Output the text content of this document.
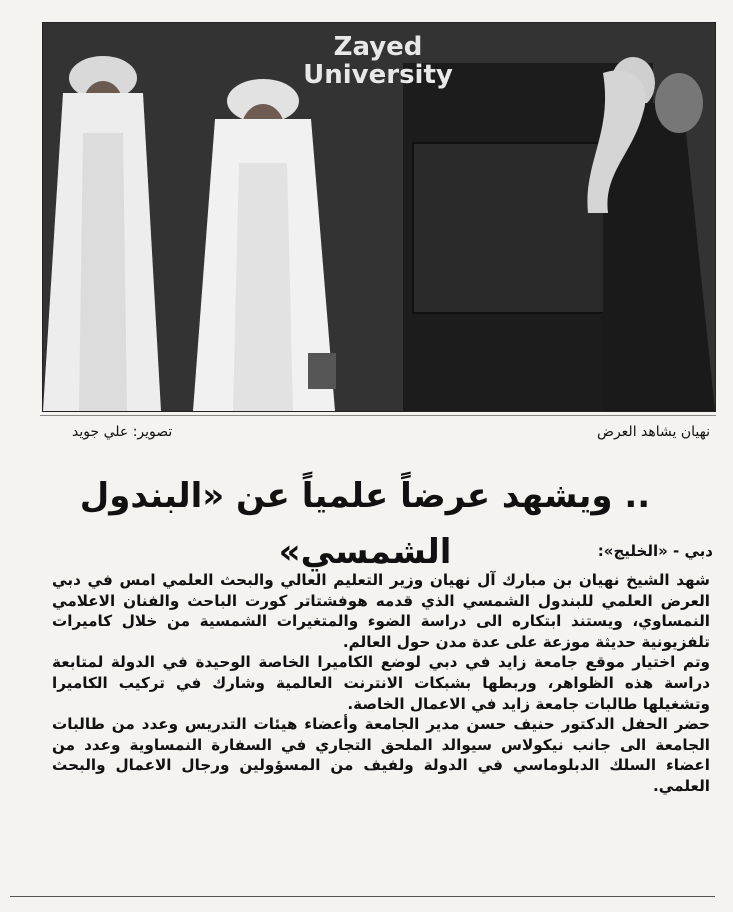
Zayed
University
نهيان يشاهد العرض
تصوير: علي جويد
.. ويشهد عرضاً علمياً عن «البندول الشمسي»	دبي - «الخليج»:

شهد الشيخ نهيان بن مبارك آل نهيان وزير التعليم العالي والبحث العلمي امس في دبي العرض العلمي للبندول الشمسي الذي قدمه هوفشتاتر كورت الباحث والفنان الاعلامي النمساوي، ويستند ابتكاره الى دراسة الضوء والمتغيرات الشمسية من خلال كاميرات تلفزيونية حديثة موزعة على عدة مدن حول العالم.

وتم اختيار موقع جامعة زايد في دبي لوضع الكاميرا الخاصة الوحيدة في الدولة لمتابعة دراسة هذه الظواهر، وربطها بشبكات الانترنت العالمية وشارك في تركيب الكاميرا وتشغيلها طالبات جامعة زايد في الاعمال الخاصة.

حضر الحفل الدكتور حنيف حسن مدير الجامعة وأعضاء هيئات التدريس وعدد من طالبات الجامعة الى جانب نيكولاس سيوالد الملحق التجاري في السفارة النمساوية وعدد من اعضاء السلك الدبلوماسي في الدولة ولفيف من المسؤولين ورجال الاعمال والبحث العلمي.
